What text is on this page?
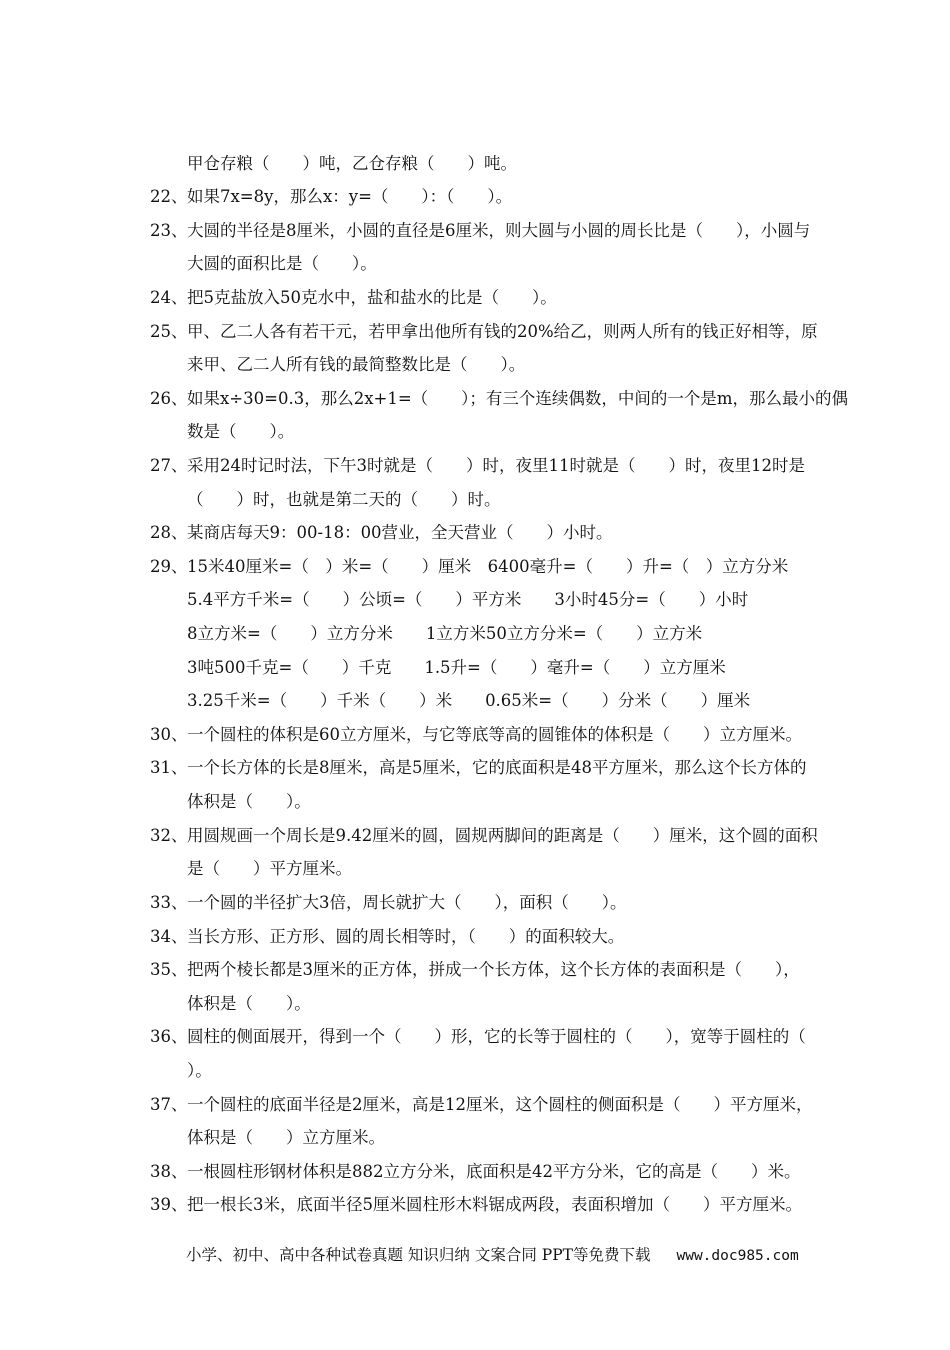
甲仓存粮（　　）吨，乙仓存粮（　　）吨。
22、 如果7x=8y，那么x：y=（　　）：（　　）。
23、 大圆的半径是8厘米，小圆的直径是6厘米，则大圆与小圆的周长比是（　　），小圆与
大圆的面积比是（　　）。
24、 把5克盐放入50克水中，盐和盐水的比是（　　）。
25、 甲、乙二人各有若干元，若甲拿出他所有钱的20%给乙，则两人所有的钱正好相等，原
来甲、乙二人所有钱的最简整数比是（　　）。
26、 如果x÷30=0.3，那么2x+1=（　　）；有三个连续偶数，中间的一个是m，那么最小的偶
数是（　　）。
27、 采用24时记时法，下午3时就是（　　）时，夜里11时就是（　　）时，夜里12时是
（　　）时，也就是第二天的（　　）时。
28、 某商店每天9：00-18：00营业，全天营业（　　）小时。
29、 15米40厘米=（　）米=（　　）厘米　6400毫升=（　　）升=（　）立方分米
5.4平方千米=（　　）公顷=（　　）平方米　　3小时45分=（　　）小时
8立方米=（　　）立方分米　　1立方米50立方分米=（　　）立方米
3吨500千克=（　　）千克　　1.5升=（　　）毫升=（　　）立方厘米
3.25千米=（　　）千米（　　）米　　0.65米=（　　）分米（　　）厘米
30、 一个圆柱的体积是60立方厘米，与它等底等高的圆锥体的体积是（　　）立方厘米。
31、 一个长方体的长是8厘米，高是5厘米，它的底面积是48平方厘米，那么这个长方体的
体积是（　　）。
32、 用圆规画一个周长是9.42厘米的圆，圆规两脚间的距离是（　　）厘米，这个圆的面积
是（　　）平方厘米。
33、 一个圆的半径扩大3倍，周长就扩大（　　），面积（　　）。
34、 当长方形、正方形、圆的周长相等时，（　　）的面积较大。
35、 把两个棱长都是3厘米的正方体，拼成一个长方体，这个长方体的表面积是（　　），
体积是（　　）。
36、 圆柱的侧面展开，得到一个（　　）形，它的长等于圆柱的（　　），宽等于圆柱的（
）。
37、 一个圆柱的底面半径是2厘米，高是12厘米，这个圆柱的侧面积是（　　）平方厘米，
体积是（　　）立方厘米。
38、 一根圆柱形钢材体积是882立方分米，底面积是42平方分米，它的高是（　　）米。
39、 把一根长3米，底面半径5厘米圆柱形木料锯成两段，表面积增加（　　）平方厘米。
小学、初中、高中各种试卷真题 知识归纳 文案合同 PPT等免费下载 www.doc985.com
